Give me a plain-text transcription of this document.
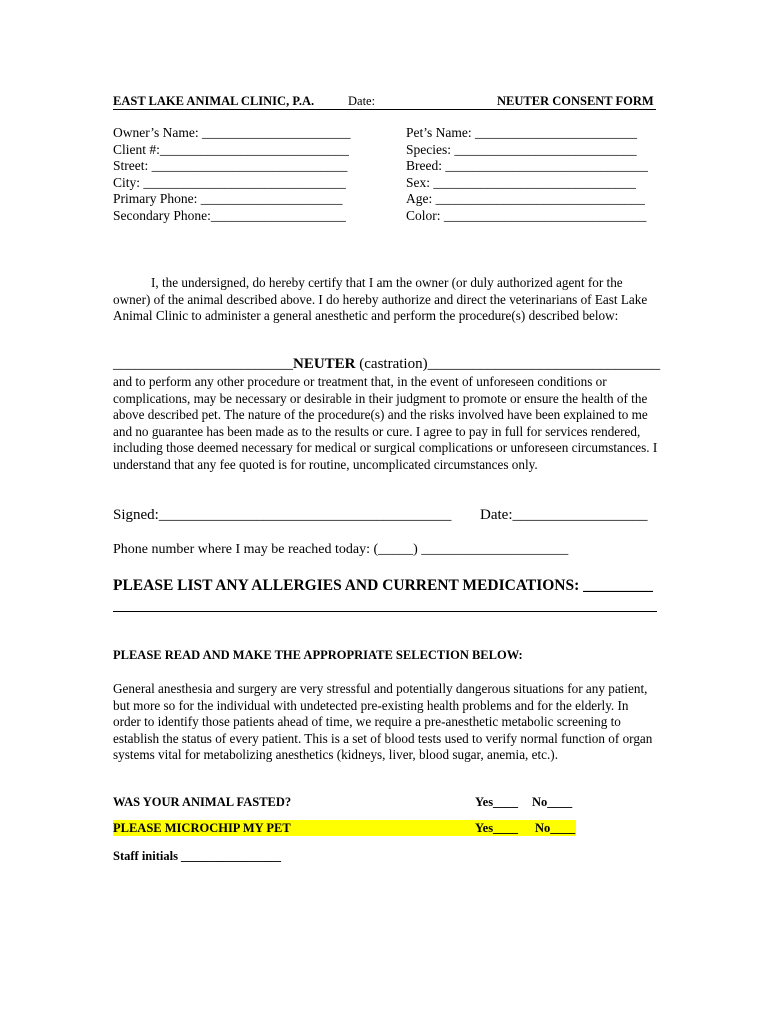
EAST LAKE ANIMAL CLINIC, P.A.	Date:	NEUTER CONSENT FORM
Owner’s Name: ______________________
Client #:____________________________
Street: _____________________________
City: ______________________________
Primary Phone: _____________________
Secondary Phone:____________________
Pet’s Name: ________________________
Species: ___________________________
Breed: ______________________________
Sex: ______________________________
Age: _______________________________
Color: ______________________________
I, the undersigned, do hereby certify that I am the owner (or duly authorized agent for the owner) of the animal described above. I do hereby authorize and direct the veterinarians of East Lake Animal Clinic to administer a general anesthetic and perform the procedure(s) described below:
________________________NEUTER (castration)_______________________________
and to perform any other procedure or treatment that, in the event of unforeseen conditions or complications, may be necessary or desirable in their judgment to promote or ensure the health of the above described pet. The nature of the procedure(s) and the risks involved have been explained to me and no guarantee has been made as to the results or cure. I agree to pay in full for services rendered, including those deemed necessary for medical or surgical complications or unforeseen circumstances. I understand that any fee quoted is for routine, uncomplicated circumstances only.
Signed:_______________________________________ Date:__________________
Phone number where I may be reached today: (_____) _____________________
PLEASE LIST ANY ALLERGIES AND CURRENT MEDICATIONS: _________
PLEASE READ AND MAKE THE APPROPRIATE SELECTION BELOW:
General anesthesia and surgery are very stressful and potentially dangerous situations for any patient, but more so for the individual with undetected pre-existing health problems and for the elderly. In order to identify those patients ahead of time, we require a pre-anesthetic metabolic screening to establish the status of every patient. This is a set of blood tests used to verify normal function of organ systems vital for metabolizing anesthetics (kidneys, liver, blood sugar, anemia, etc.).
WAS YOUR ANIMAL FASTED?	Yes____ No____
PLEASE MICROCHIP MY PET	Yes____ No____
Staff initials ________________
